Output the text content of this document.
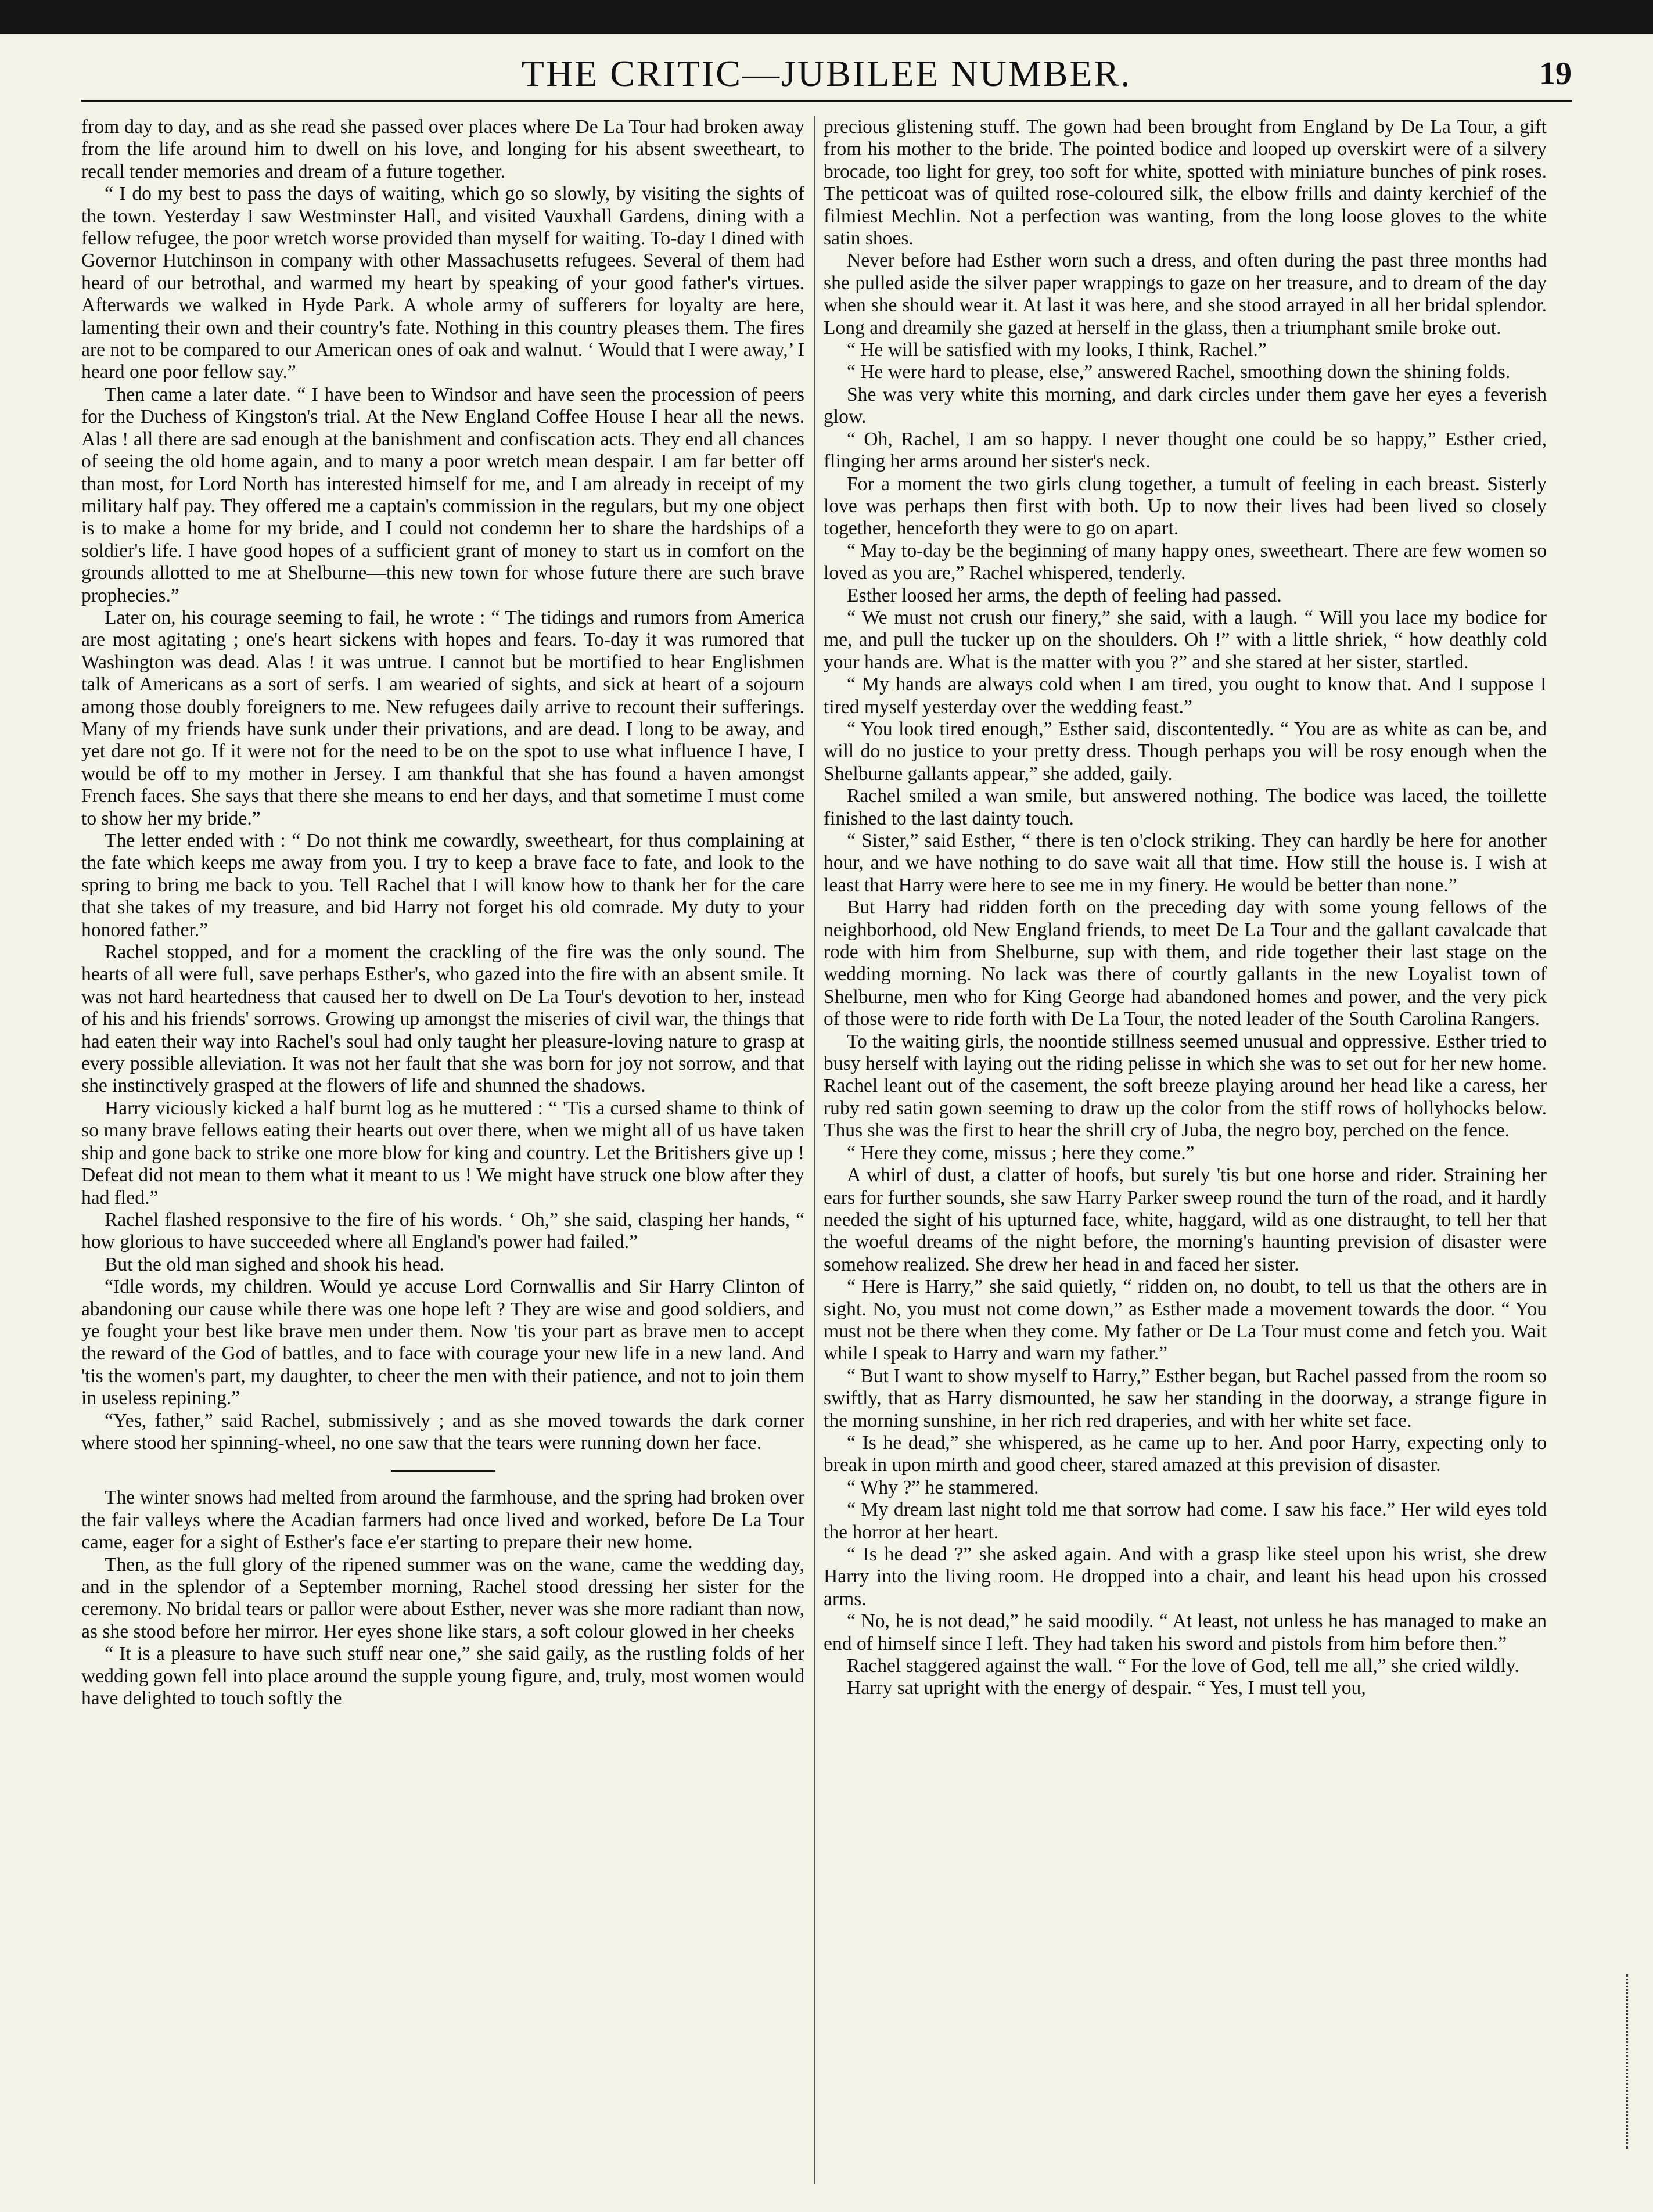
THE CRITIC—JUBILEE NUMBER.	19

from day to day, and as she read she passed over places where De La Tour had broken away from the life around him to dwell on his love, and longing for his absent sweetheart, to recall tender memories and dream of a future together.

“ I do my best to pass the days of waiting, which go so slowly, by visiting the sights of the town. Yesterday I saw Westminster Hall, and visited Vauxhall Gardens, dining with a fellow refugee, the poor wretch worse provided than myself for waiting. To-day I dined with Governor Hutchinson in company with other Massachusetts refugees. Several of them had heard of our betrothal, and warmed my heart by speaking of your good father's virtues. Afterwards we walked in Hyde Park. A whole army of sufferers for loyalty are here, lamenting their own and their country's fate. Nothing in this country pleases them. The fires are not to be compared to our American ones of oak and walnut. ‘ Would that I were away,’ I heard one poor fellow say.”

Then came a later date. “ I have been to Windsor and have seen the procession of peers for the Duchess of Kingston's trial. At the New England Coffee House I hear all the news. Alas ! all there are sad enough at the banishment and confiscation acts. They end all chances of seeing the old home again, and to many a poor wretch mean despair. I am far better off than most, for Lord North has interested himself for me, and I am already in receipt of my military half pay. They offered me a captain's commission in the regulars, but my one object is to make a home for my bride, and I could not condemn her to share the hardships of a soldier's life. I have good hopes of a sufficient grant of money to start us in comfort on the grounds allotted to me at Shelburne—this new town for whose future there are such brave prophecies.”

Later on, his courage seeming to fail, he wrote : “ The tidings and rumors from America are most agitating ; one's heart sickens with hopes and fears. To-day it was rumored that Washington was dead. Alas ! it was untrue. I cannot but be mortified to hear Englishmen talk of Americans as a sort of serfs. I am wearied of sights, and sick at heart of a sojourn among those doubly foreigners to me. New refugees daily arrive to recount their sufferings. Many of my friends have sunk under their privations, and are dead. I long to be away, and yet dare not go. If it were not for the need to be on the spot to use what influence I have, I would be off to my mother in Jersey. I am thankful that she has found a haven amongst French faces. She says that there she means to end her days, and that sometime I must come to show her my bride.”

The letter ended with : “ Do not think me cowardly, sweetheart, for thus complaining at the fate which keeps me away from you. I try to keep a brave face to fate, and look to the spring to bring me back to you. Tell Rachel that I will know how to thank her for the care that she takes of my treasure, and bid Harry not forget his old comrade. My duty to your honored father.”

Rachel stopped, and for a moment the crackling of the fire was the only sound. The hearts of all were full, save perhaps Esther's, who gazed into the fire with an absent smile. It was not hard heartedness that caused her to dwell on De La Tour's devotion to her, instead of his and his friends' sorrows. Growing up amongst the miseries of civil war, the things that had eaten their way into Rachel's soul had only taught her pleasure-loving nature to grasp at every possible alleviation. It was not her fault that she was born for joy not sorrow, and that she instinctively grasped at the flowers of life and shunned the shadows.

Harry viciously kicked a half burnt log as he muttered : “ 'Tis a cursed shame to think of so many brave fellows eating their hearts out over there, when we might all of us have taken ship and gone back to strike one more blow for king and country. Let the Britishers give up ! Defeat did not mean to them what it meant to us ! We might have struck one blow after they had fled.”

Rachel flashed responsive to the fire of his words. ‘ Oh,” she said, clasping her hands, “ how glorious to have succeeded where all England's power had failed.”

But the old man sighed and shook his head.

“Idle words, my children. Would ye accuse Lord Cornwallis and Sir Harry Clinton of abandoning our cause while there was one hope left ? They are wise and good soldiers, and ye fought your best like brave men under them. Now 'tis your part as brave men to accept the reward of the God of battles, and to face with courage your new life in a new land. And 'tis the women's part, my daughter, to cheer the men with their patience, and not to join them in useless repining.”

“Yes, father,” said Rachel, submissively ; and as she moved towards the dark corner where stood her spinning-wheel, no one saw that the tears were running down her face.

The winter snows had melted from around the farmhouse, and the spring had broken over the fair valleys where the Acadian farmers had once lived and worked, before De La Tour came, eager for a sight of Esther's face e'er starting to prepare their new home.

Then, as the full glory of the ripened summer was on the wane, came the wedding day, and in the splendor of a September morning, Rachel stood dressing her sister for the ceremony. No bridal tears or pallor were about Esther, never was she more radiant than now, as she stood before her mirror. Her eyes shone like stars, a soft colour glowed in her cheeks

“ It is a pleasure to have such stuff near one,” she said gaily, as the rustling folds of her wedding gown fell into place around the supple young figure, and, truly, most women would have delighted to touch softly the

precious glistening stuff. The gown had been brought from England by De La Tour, a gift from his mother to the bride. The pointed bodice and looped up overskirt were of a silvery brocade, too light for grey, too soft for white, spotted with miniature bunches of pink roses. The petticoat was of quilted rose-coloured silk, the elbow frills and dainty kerchief of the filmiest Mechlin. Not a perfection was wanting, from the long loose gloves to the white satin shoes.

Never before had Esther worn such a dress, and often during the past three months had she pulled aside the silver paper wrappings to gaze on her treasure, and to dream of the day when she should wear it. At last it was here, and she stood arrayed in all her bridal splendor. Long and dreamily she gazed at herself in the glass, then a triumphant smile broke out.

“ He will be satisfied with my looks, I think, Rachel.”

“ He were hard to please, else,” answered Rachel, smoothing down the shining folds.

She was very white this morning, and dark circles under them gave her eyes a feverish glow.

“ Oh, Rachel, I am so happy. I never thought one could be so happy,” Esther cried, flinging her arms around her sister's neck.

For a moment the two girls clung together, a tumult of feeling in each breast. Sisterly love was perhaps then first with both. Up to now their lives had been lived so closely together, henceforth they were to go on apart.

“ May to-day be the beginning of many happy ones, sweetheart. There are few women so loved as you are,” Rachel whispered, tenderly.

Esther loosed her arms, the depth of feeling had passed.

“ We must not crush our finery,” she said, with a laugh. “ Will you lace my bodice for me, and pull the tucker up on the shoulders. Oh !” with a little shriek, “ how deathly cold your hands are. What is the matter with you ?” and she stared at her sister, startled.

“ My hands are always cold when I am tired, you ought to know that. And I suppose I tired myself yesterday over the wedding feast.”

“ You look tired enough,” Esther said, discontentedly. “ You are as white as can be, and will do no justice to your pretty dress. Though perhaps you will be rosy enough when the Shelburne gallants appear,” she added, gaily.

Rachel smiled a wan smile, but answered nothing. The bodice was laced, the toillette finished to the last dainty touch.

“ Sister,” said Esther, “ there is ten o'clock striking. They can hardly be here for another hour, and we have nothing to do save wait all that time. How still the house is. I wish at least that Harry were here to see me in my finery. He would be better than none.”

But Harry had ridden forth on the preceding day with some young fellows of the neighborhood, old New England friends, to meet De La Tour and the gallant cavalcade that rode with him from Shelburne, sup with them, and ride together their last stage on the wedding morning. No lack was there of courtly gallants in the new Loyalist town of Shelburne, men who for King George had abandoned homes and power, and the very pick of those were to ride forth with De La Tour, the noted leader of the South Carolina Rangers.

To the waiting girls, the noontide stillness seemed unusual and oppressive. Esther tried to busy herself with laying out the riding pelisse in which she was to set out for her new home. Rachel leant out of the casement, the soft breeze playing around her head like a caress, her ruby red satin gown seeming to draw up the color from the stiff rows of hollyhocks below. Thus she was the first to hear the shrill cry of Juba, the negro boy, perched on the fence.

“ Here they come, missus ; here they come.”

A whirl of dust, a clatter of hoofs, but surely 'tis but one horse and rider. Straining her ears for further sounds, she saw Harry Parker sweep round the turn of the road, and it hardly needed the sight of his upturned face, white, haggard, wild as one distraught, to tell her that the woeful dreams of the night before, the morning's haunting prevision of disaster were somehow realized. She drew her head in and faced her sister.

“ Here is Harry,” she said quietly, “ ridden on, no doubt, to tell us that the others are in sight. No, you must not come down,” as Esther made a movement towards the door. “ You must not be there when they come. My father or De La Tour must come and fetch you. Wait while I speak to Harry and warn my father.”

“ But I want to show myself to Harry,” Esther began, but Rachel passed from the room so swiftly, that as Harry dismounted, he saw her standing in the doorway, a strange figure in the morning sunshine, in her rich red draperies, and with her white set face.

“ Is he dead,” she whispered, as he came up to her. And poor Harry, expecting only to break in upon mirth and good cheer, stared amazed at this prevision of disaster.

“ Why ?” he stammered.

“ My dream last night told me that sorrow had come. I saw his face.” Her wild eyes told the horror at her heart.

“ Is he dead ?” she asked again. And with a grasp like steel upon his wrist, she drew Harry into the living room. He dropped into a chair, and leant his head upon his crossed arms.

“ No, he is not dead,” he said moodily. “ At least, not unless he has managed to make an end of himself since I left. They had taken his sword and pistols from him before then.”

Rachel staggered against the wall. “ For the love of God, tell me all,” she cried wildly.

Harry sat upright with the energy of despair. “ Yes, I must tell you,
